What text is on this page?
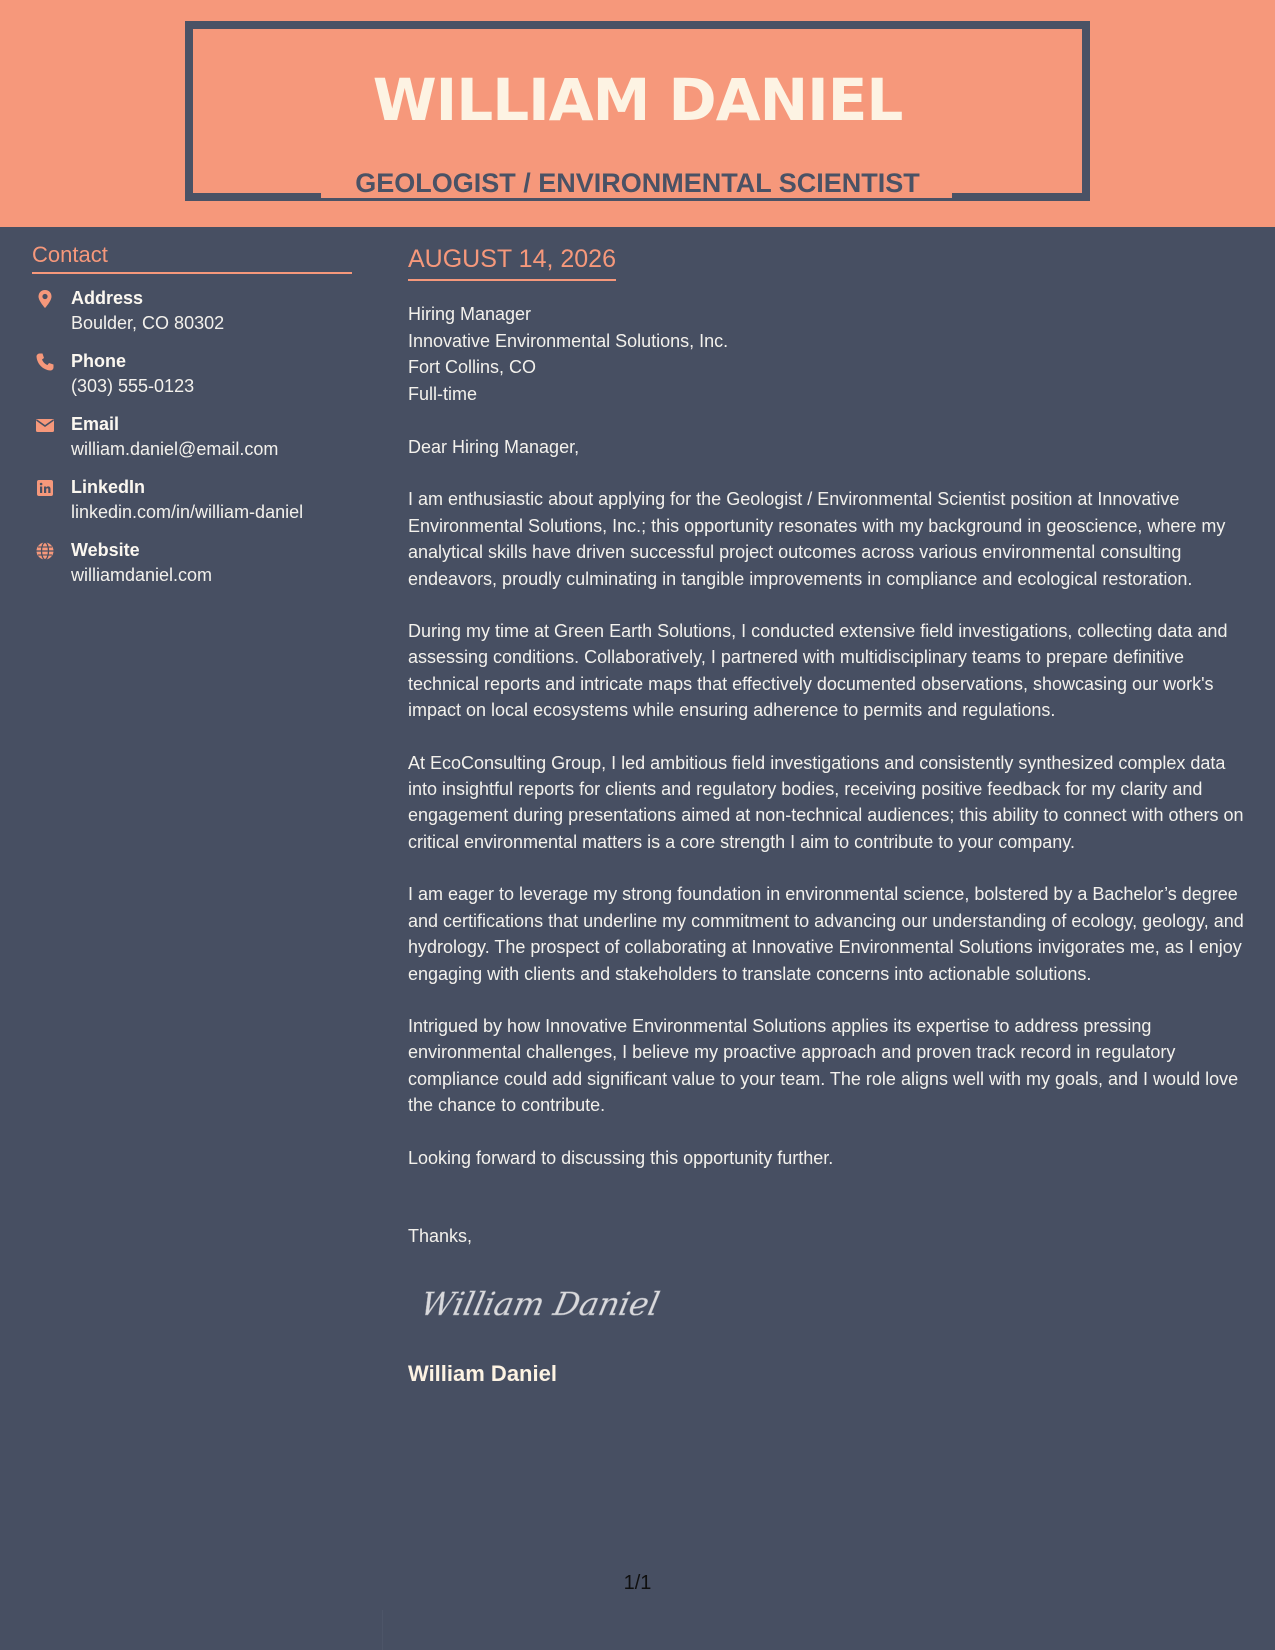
WILLIAM DANIEL
GEOLOGIST / ENVIRONMENTAL SCIENTIST
Contact
Address
Boulder, CO 80302
Phone
(303) 555-0123
Email
william.daniel@email.com
LinkedIn
linkedin.com/in/william-daniel
Website
williamdaniel.com
AUGUST 14, 2026
Hiring Manager
Innovative Environmental Solutions, Inc.
Fort Collins, CO
Full-time
Dear Hiring Manager,
I am enthusiastic about applying for the Geologist / Environmental Scientist position at Innovative Environmental Solutions, Inc.; this opportunity resonates with my background in geoscience, where my analytical skills have driven successful project outcomes across various environmental consulting endeavors, proudly culminating in tangible improvements in compliance and ecological restoration.
During my time at Green Earth Solutions, I conducted extensive field investigations, collecting data and assessing conditions. Collaboratively, I partnered with multidisciplinary teams to prepare definitive technical reports and intricate maps that effectively documented observations, showcasing our work's impact on local ecosystems while ensuring adherence to permits and regulations.
At EcoConsulting Group, I led ambitious field investigations and consistently synthesized complex data into insightful reports for clients and regulatory bodies, receiving positive feedback for my clarity and engagement during presentations aimed at non-technical audiences; this ability to connect with others on critical environmental matters is a core strength I aim to contribute to your company.
I am eager to leverage my strong foundation in environmental science, bolstered by a Bachelor’s degree and certifications that underline my commitment to advancing our understanding of ecology, geology, and hydrology. The prospect of collaborating at Innovative Environmental Solutions invigorates me, as I enjoy engaging with clients and stakeholders to translate concerns into actionable solutions.
Intrigued by how Innovative Environmental Solutions applies its expertise to address pressing environmental challenges, I believe my proactive approach and proven track record in regulatory compliance could add significant value to your team. The role aligns well with my goals, and I would love the chance to contribute.
Looking forward to discussing this opportunity further.
Thanks,
William Daniel
William Daniel
1/1
